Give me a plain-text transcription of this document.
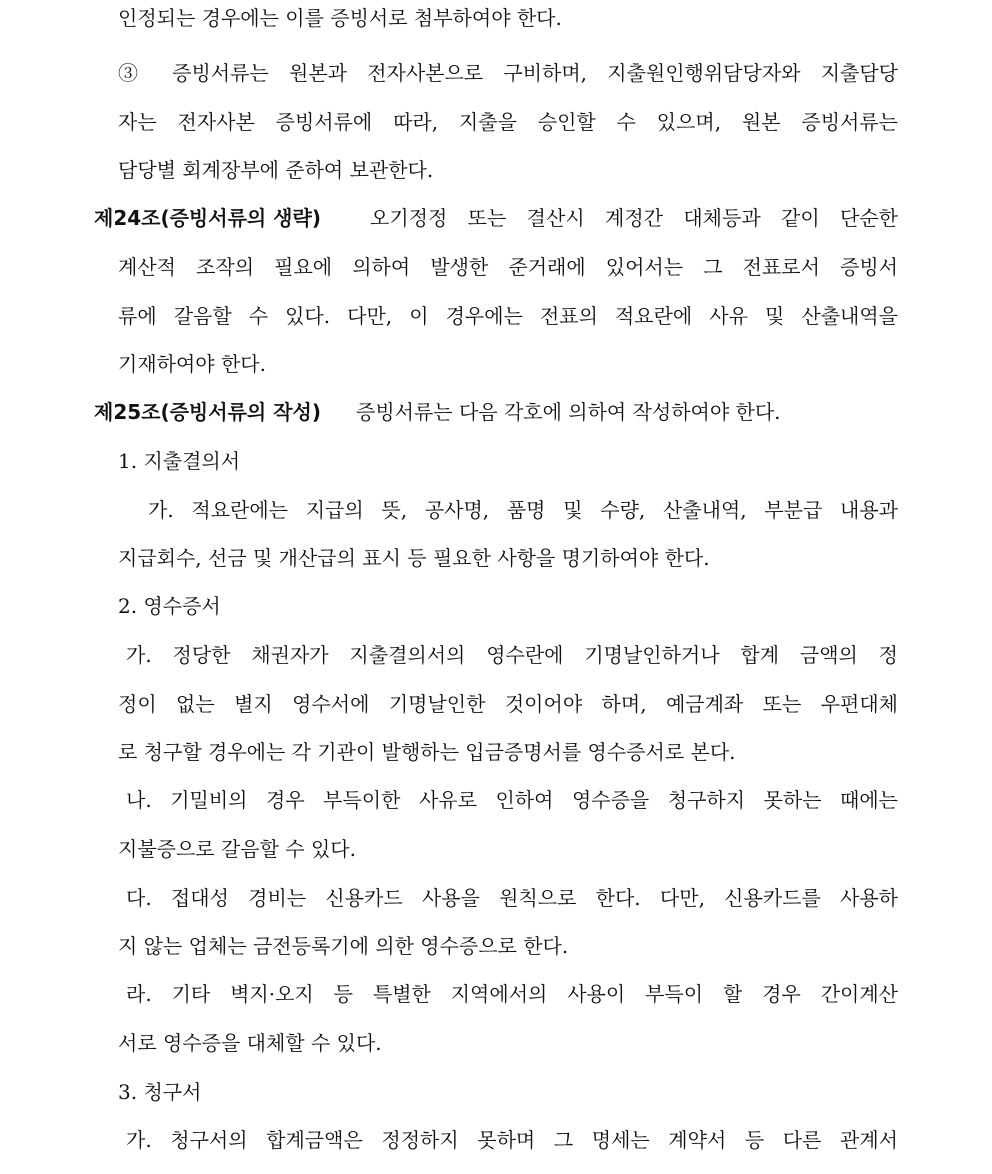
인정되는 경우에는 이를 증빙서로 첨부하여야 한다.
③ 증빙서류는 원본과 전자사본으로 구비하며, 지출원인행위담당자와 지출담당
자는 전자사본 증빙서류에 따라, 지출을 승인할 수 있으며, 원본 증빙서류는
담당별 회계장부에 준하여 보관한다.
제24조(증빙서류의 생략) 오기정정 또는 결산시 계정간 대체등과 같이 단순한
계산적 조작의 필요에 의하여 발생한 준거래에 있어서는 그 전표로서 증빙서
류에 갈음할 수 있다. 다만, 이 경우에는 전표의 적요란에 사유 및 산출내역을
기재하여야 한다.
제25조(증빙서류의 작성) 증빙서류는 다음 각호에 의하여 작성하여야 한다.
1. 지출결의서
가. 적요란에는 지급의 뜻, 공사명, 품명 및 수량, 산출내역, 부분급 내용과
지급회수, 선금 및 개산급의 표시 등 필요한 사항을 명기하여야 한다.
2. 영수증서
가. 정당한 채권자가 지출결의서의 영수란에 기명날인하거나 합계 금액의 정
정이 없는 별지 영수서에 기명날인한 것이어야 하며, 예금계좌 또는 우편대체
로 청구할 경우에는 각 기관이 발행하는 입금증명서를 영수증서로 본다.
나. 기밀비의 경우 부득이한 사유로 인하여 영수증을 청구하지 못하는 때에는
지불증으로 갈음할 수 있다.
다. 접대성 경비는 신용카드 사용을 원칙으로 한다. 다만, 신용카드를 사용하
지 않는 업체는 금전등록기에 의한 영수증으로 한다.
라. 기타 벽지·오지 등 특별한 지역에서의 사용이 부득이 할 경우 간이계산
서로 영수증을 대체할 수 있다.
3. 청구서
가. 청구서의 합계금액은 정정하지 못하며 그 명세는 계약서 등 다른 관계서
